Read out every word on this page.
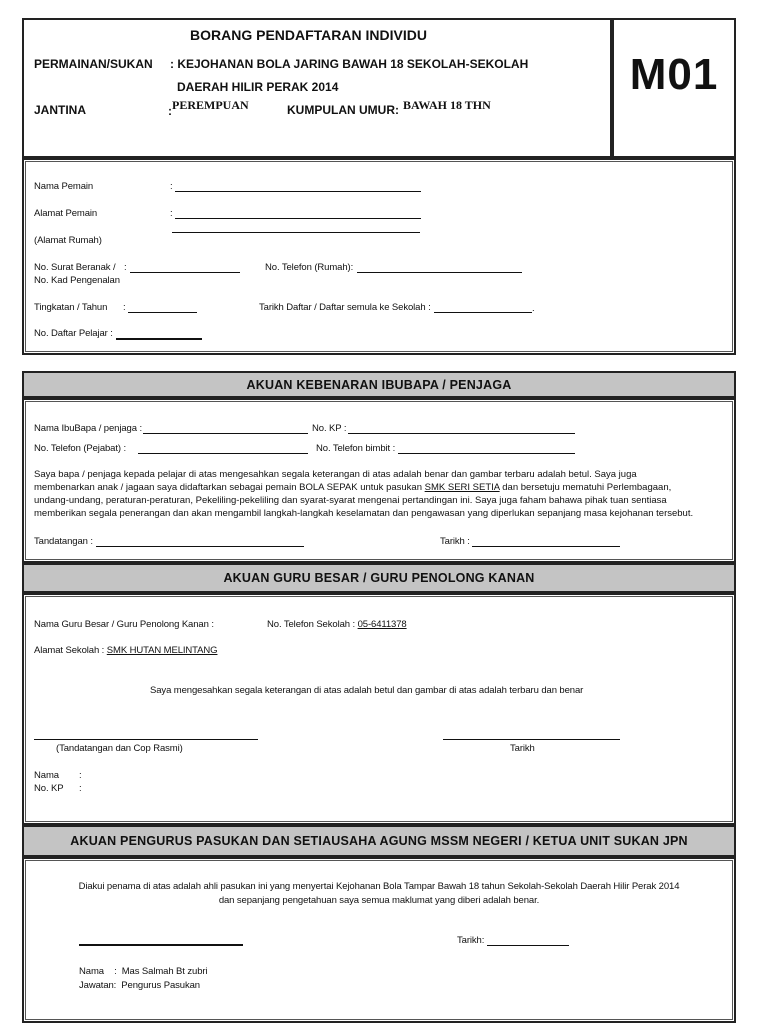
BORANG PENDAFTARAN INDIVIDU
PERMAINAN/SUKAN : KEJOHANAN BOLA JARING BAWAH 18 SEKOLAH-SEKOLAH
DAERAH HILIR PERAK 2014
JANTINA	: PEREMPUAN	KUMPULAN UMUR: BAWAH 18 THN
M01
Nama Pemain	:
Alamat Pemain	:
(Alamat Rumah)
No. Surat Beranak /
No. Kad Pengenalan
:	No. Telefon (Rumah):
Tingkatan / Tahun :	Tarikh Daftar / Daftar semula ke Sekolah :	.
No. Daftar Pelajar :
AKUAN KEBENARAN IBUBAPA / PENJAGA
Nama IbuBapa / penjaga :	No. KP :
No. Telefon (Pejabat) :	No. Telefon bimbit :
Saya bapa / penjaga kepada pelajar di atas mengesahkan segala keterangan di atas adalah benar dan gambar terbaru adalah betul. Saya juga
membenarkan anak / jagaan saya didaftarkan sebagai pemain BOLA SEPAK untuk pasukan SMK SERI SETIA dan bersetuju mematuhi Perlembagaan,
undang-undang, peraturan-peraturan, Pekeliling-pekeliling dan syarat-syarat mengenai pertandingan ini. Saya juga faham bahawa pihak tuan sentiasa
memberikan segala penerangan dan akan mengambil langkah-langkah keselamatan dan pengawasan yang diperlukan sepanjang masa kejohanan tersebut.
Tandatangan :	Tarikh :
AKUAN GURU BESAR / GURU PENOLONG KANAN
Nama Guru Besar / Guru Penolong Kanan :	No. Telefon Sekolah : 05-6411378
Alamat Sekolah : SMK HUTAN MELINTANG
Saya mengesahkan segala keterangan di atas adalah betul dan gambar di atas adalah terbaru dan benar
(Tandatangan dan Cop Rasmi)	Tarikh
Nama :
No. KP :
AKUAN PENGURUS PASUKAN DAN SETIAUSAHA AGUNG MSSM NEGERI / KETUA UNIT SUKAN JPN
Diakui penama di atas adalah ahli pasukan ini yang menyertai Kejohanan Bola Tampar Bawah 18 tahun Sekolah-Sekolah Daerah Hilir Perak 2014
dan sepanjang pengetahuan saya semua maklumat yang diberi adalah benar.
Tarikh:
Nama    :  Mas Salmah Bt zubri
Jawatan:  Pengurus Pasukan
